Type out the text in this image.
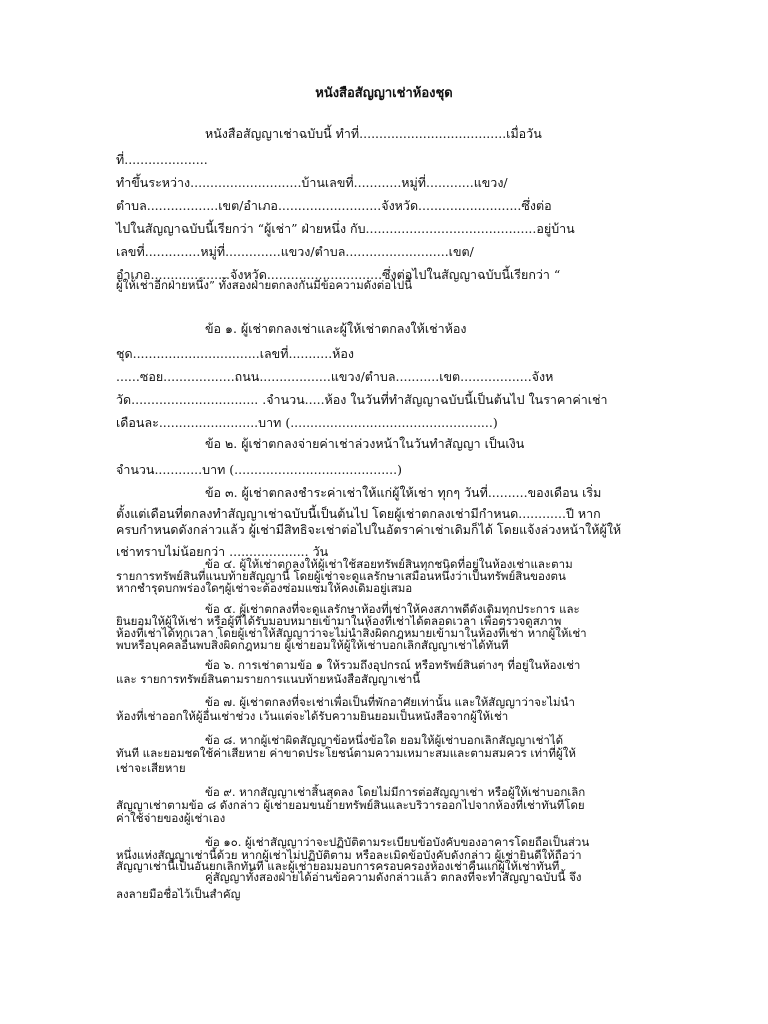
หนังสือสัญญาเช่าห้องชุด
หนังสือสัญญาเช่าฉบับนี้ ทำที่.....................................เมื่อวัน
ที่.....................
ทำขึ้นระหว่าง............................บ้านเลขที่............หมู่ที่............แขวง/
ตำบล..................เขต/อำเภอ..........................จังหวัด..........................ซึ่งต่อ
ไปในสัญญาฉบับนี้เรียกว่า “ผู้เช่า” ฝ่ายหนึ่ง กับ...........................................อยู่บ้าน
เลขที่..............หมู่ที่..............แขวง/ตำบล..........................เขต/
อำเภอ....................จังหวัด.............................ซึ่งต่อไปในสัญญาฉบับนี้เรียกว่า “
ผู้ให้เช่าอีกฝ่ายหนึ่ง” ทั้งสองฝ่ายตกลงกันมีข้อความดังต่อไปนี้
ข้อ ๑. ผู้เช่าตกลงเช่าและผู้ให้เช่าตกลงให้เช่าห้อง
ชุด................................เลขที่...........ห้อง
......ซอย..................ถนน..................แขวง/ตำบล...........เขต..................จังห
วัด................................ .จำนวน.....ห้อง ในวันที่ทำสัญญาฉบับนี้เป็นต้นไป ในราคาค่าเช่า
เดือนละ.........................บาท (...................................................)
ข้อ ๒. ผู้เช่าตกลงจ่ายค่าเช่าล่วงหน้าในวันทำสัญญา เป็นเงิน
จำนวน............บาท (.........................................)
ข้อ ๓. ผู้เช่าตกลงชำระค่าเช่าให้แก่ผู้ให้เช่า ทุกๆ วันที่..........ของเดือน เริ่ม
ตั้งแต่เดือนที่ตกลงทำสัญญาเช่าฉบับนี้เป็นต้นไป โดยผู้เช่าตกลงเช่ามีกำหนด............ปี หาก
ครบกำหนดดังกล่าวแล้ว ผู้เช่ามีสิทธิจะเช่าต่อไปในอัตราค่าเช่าเดิมก็ได้ โดยแจ้งล่วงหน้าให้ผู้ให้
เช่าทราบไม่น้อยกว่า .................... วัน
ข้อ ๔. ผู้ให้เช่าตกลงให้ผู้เช่าใช้สอยทรัพย์สินทุกชนิดที่อยู่ในห้องเช่าและตาม
รายการทรัพย์สินที่แนบท้ายสัญญานี้ โดยผู้เช่าจะดูแลรักษาเสมือนหนึ่งว่าเป็นทรัพย์สินของตน
หากชำรุดบกพร่องใดๆผู้เช่าจะต้องซ่อมแซมให้คงเดิมอยู่เสมอ
ข้อ ๕. ผู้เช่าตกลงที่จะดูแลรักษาห้องที่เช่าให้คงสภาพดีดังเดิมทุกประการ และ
ยินยอมให้ผู้ให้เช่า หรือผู้ที่ได้รับมอบหมายเข้ามาในห้องที่เช่าได้ตลอดเวลา เพื่อตรวจดูสภาพ
ห้องที่เช่าได้ทุกเวลา โดยผู้เช่าให้สัญญาว่าจะไม่นำสิ่งผิดกฎหมายเข้ามาในห้องที่เช่า หากผู้ให้เช่า
พบหรือบุคคลอื่นพบสิ่งผิดกฎหมาย ผู้เช่ายอมให้ผู้ให้เช่าบอกเลิกสัญญาเช่าได้ทันที
ข้อ ๖. การเช่าตามข้อ ๑ ให้รวมถึงอุปกรณ์ หรือทรัพย์สินต่างๆ ที่อยู่ในห้องเช่า
และ รายการทรัพย์สินตามรายการแนบท้ายหนังสือสัญญาเช่านี้
ข้อ ๗. ผู้เช่าตกลงที่จะเช่าเพื่อเป็นที่พักอาศัยเท่านั้น และให้สัญญาว่าจะไม่นำ
ห้องที่เช่าออกให้ผู้อื่นเช่าช่วง เว้นแต่จะได้รับความยินยอมเป็นหนังสือจากผู้ให้เช่า
ข้อ ๘. หากผู้เช่าผิดสัญญาข้อหนึ่งข้อใด ยอมให้ผู้เช่าบอกเลิกสัญญาเช่าได้
ทันที และยอมชดใช้ค่าเสียหาย ค่าขาดประโยชน์ตามความเหมาะสมและตามสมควร เท่าที่ผู้ให้
เช่าจะเสียหาย
ข้อ ๙. หากสัญญาเช่าสิ้นสุดลง โดยไม่มีการต่อสัญญาเช่า หรือผู้ให้เช่าบอกเลิก
สัญญาเช่าตามข้อ ๘ ดังกล่าว ผู้เช่ายอมขนย้ายทรัพย์สินและบริวารออกไปจากห้องที่เช่าทันทีโดย
ค่าใช้จ่ายของผู้เช่าเอง
ข้อ ๑๐. ผู้เช่าสัญญาว่าจะปฏิบัติตามระเบียบข้อบังคับของอาคารโดยถือเป็นส่วน
หนึ่งแห่งสัญญาเช่านี้ด้วย หากผู้เช่าไม่ปฏิบัติตาม หรือละเมิดข้อบังคับดังกล่าว ผู้เช่ายินดีให้ถือว่า
สัญญาเช่านี้เป็นอันยกเลิกทันที และผู้เช่ายอมมอบการครอบครองห้องเช่าคืนแก่ผู้ให้เช่าทันที
คู่สัญญาทั้งสองฝ่ายได้อ่านข้อความดังกล่าวแล้ว ตกลงที่จะทำสัญญาฉบับนี้ จึง
ลงลายมือชื่อไว้เป็นสำคัญ
